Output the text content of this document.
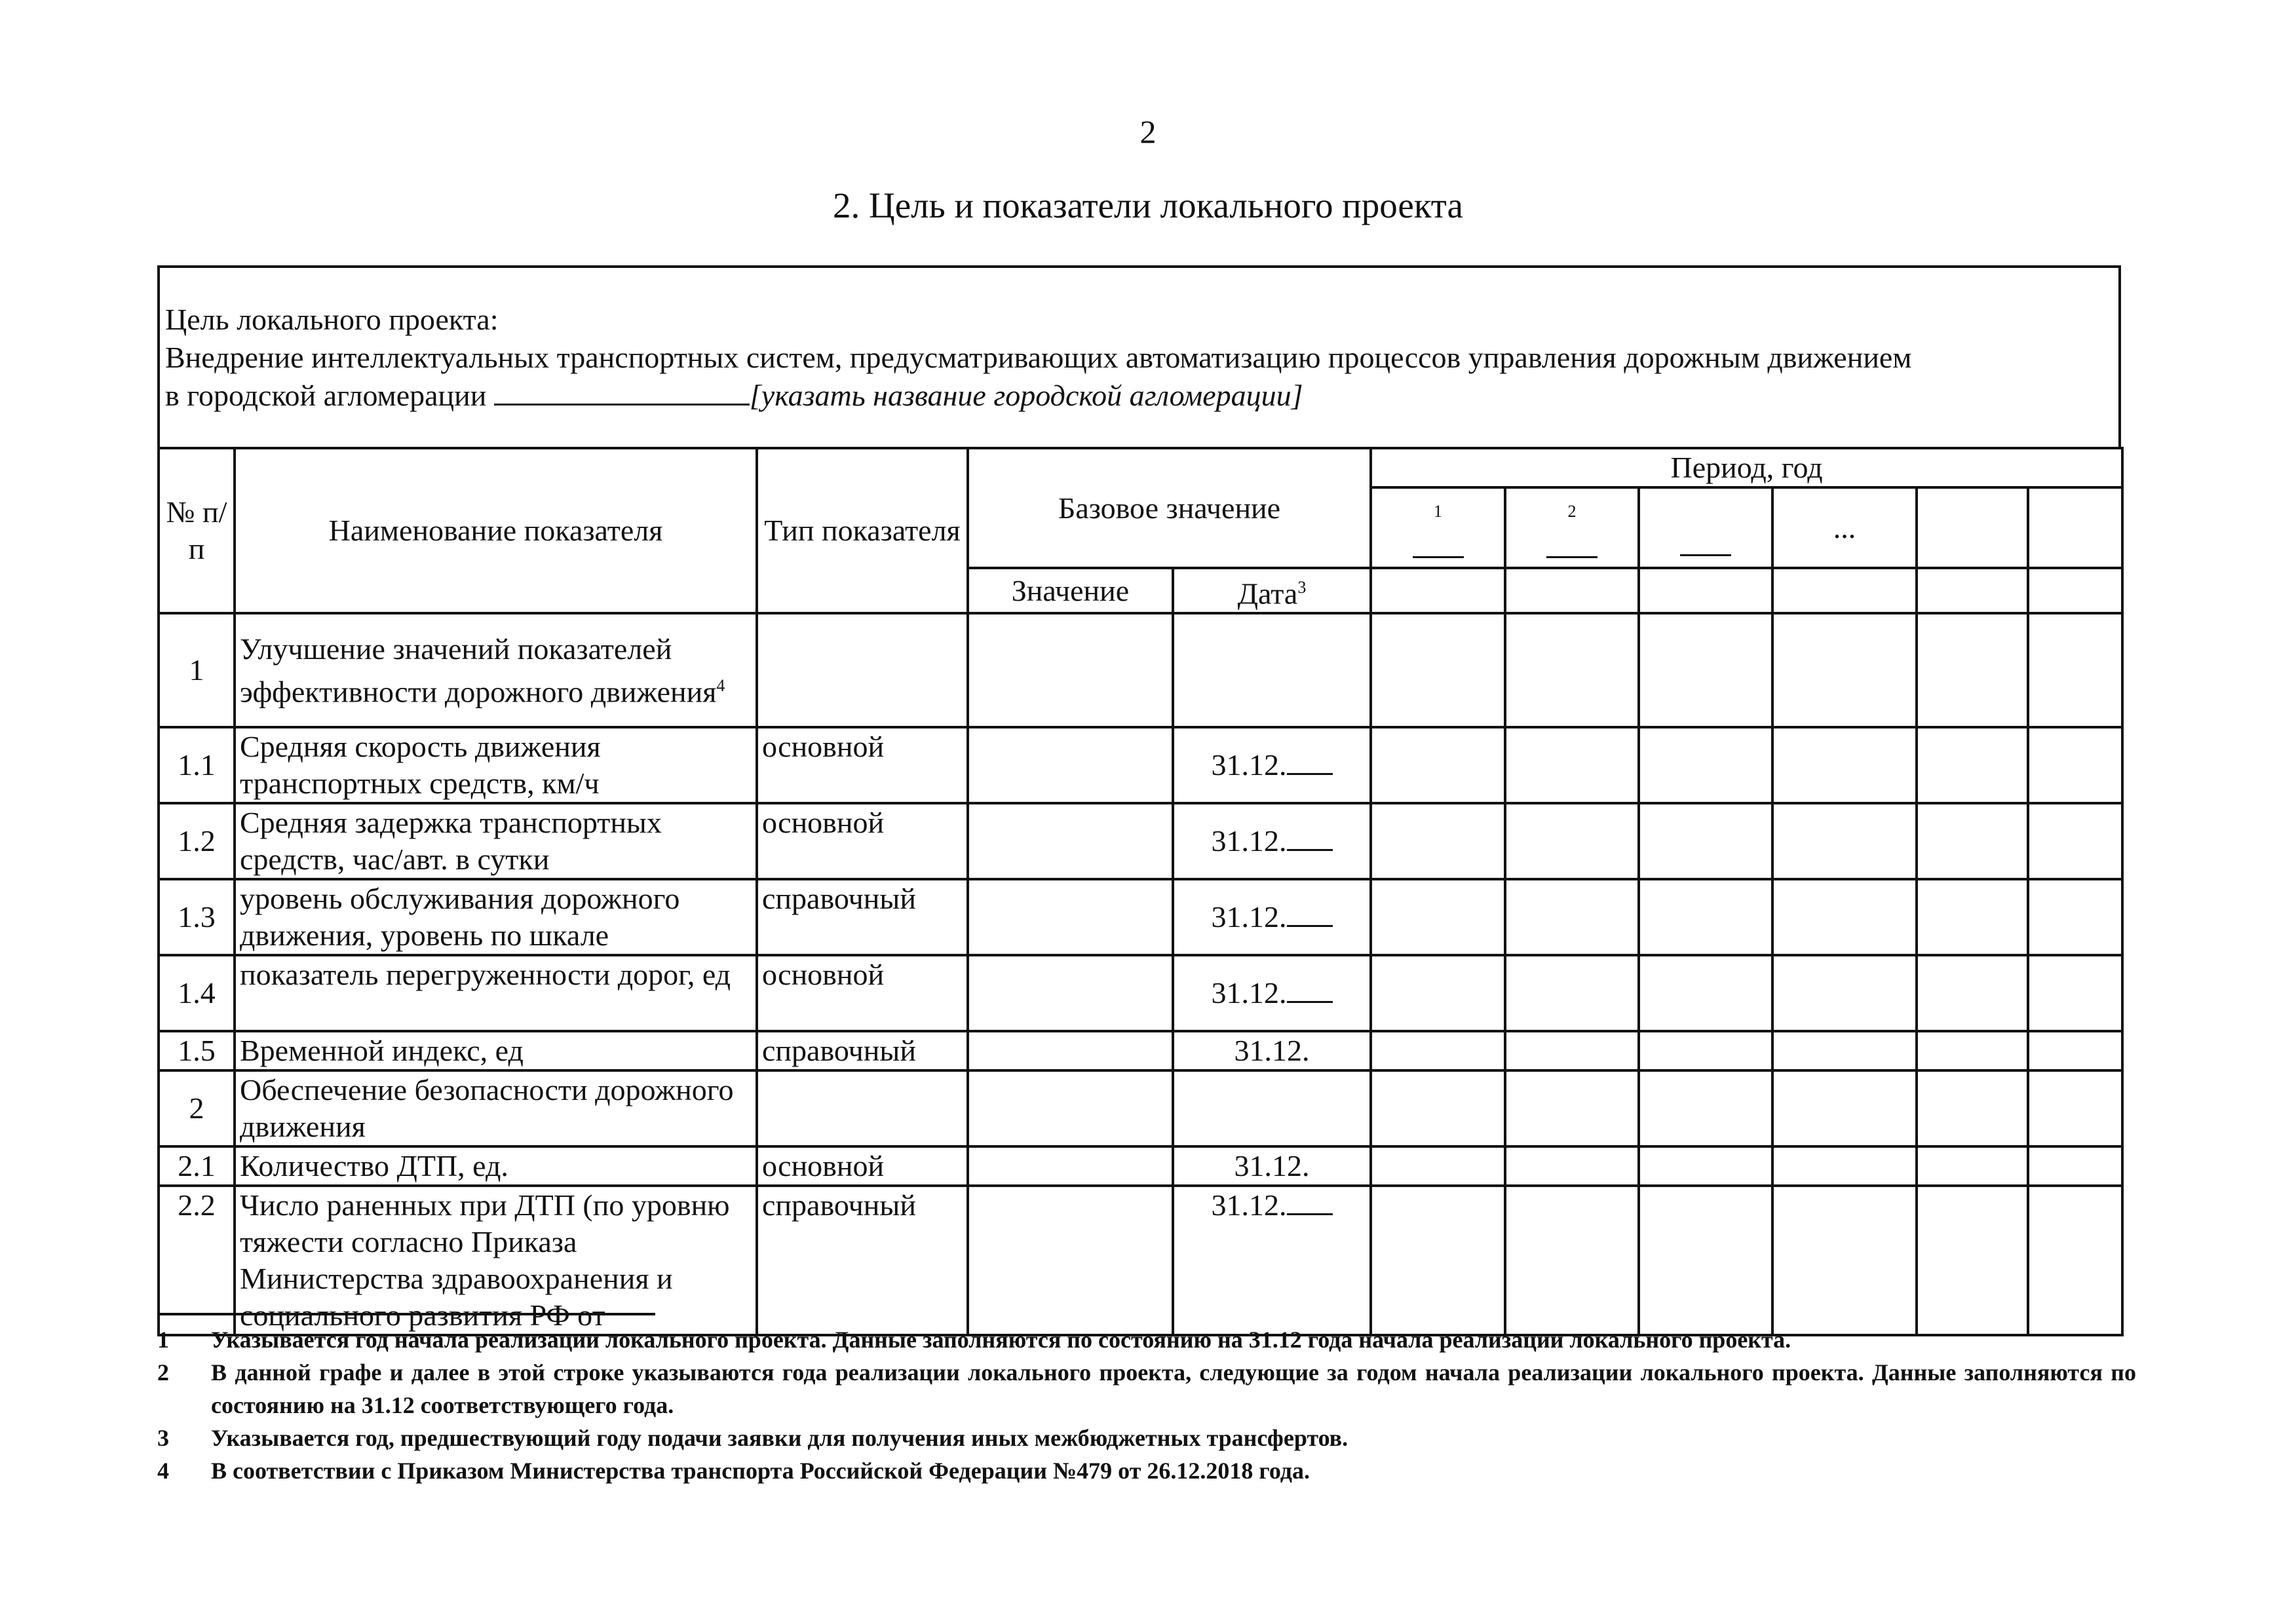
2
2. Цель и показатели локального проекта
Цель локального проекта:
Внедрение интеллектуальных транспортных систем, предусматривающих автоматизацию процессов управления дорожным движением
в городской агломерации	[указать название городской агломерации]
№ п/п	Наименование показателя	Тип показателя	Базовое значение		Период, год					
					1	2		...		
			Значение	Дата$^3$						
1	Улучшение значений показателей эффективности дорожного движения$^4$									
1.1	Средняя скорость движения транспортных средств, км/ч	основной		31.12.						
1.2	Средняя задержка транспортных средств, час/авт. в сутки	основной		31.12.						
1.3	уровень обслуживания дорожного движения, уровень по шкале	справочный		31.12.						
1.4	показатель перегруженности дорог, ед	основной		31.12.						
1.5	Временной индекс, ед	справочный		31.12.						
2	Обеспечение безопасности дорожного движения									
2.1	Количество ДТП, ед.	основной		31.12.						
2.2	Число раненных при ДТП (по уровню тяжести согласно Приказа Министерства здравоохранения и социального развития РФ от	справочный		31.12.						
1	Указывается год начала реализации локального проекта. Данные заполняются по состоянию на 31.12 года начала реализации локального проекта.
2	В данной графе и далее в этой строке указываются года реализации локального проекта, следующие за годом начала реализации локального проекта. Данные заполняются по состоянию на 31.12 соответствующего года.
3	Указывается год, предшествующий году подачи заявки для получения иных межбюджетных трансфертов.
4	В соответствии с Приказом Министерства транспорта Российской Федерации №479 от 26.12.2018 года.
